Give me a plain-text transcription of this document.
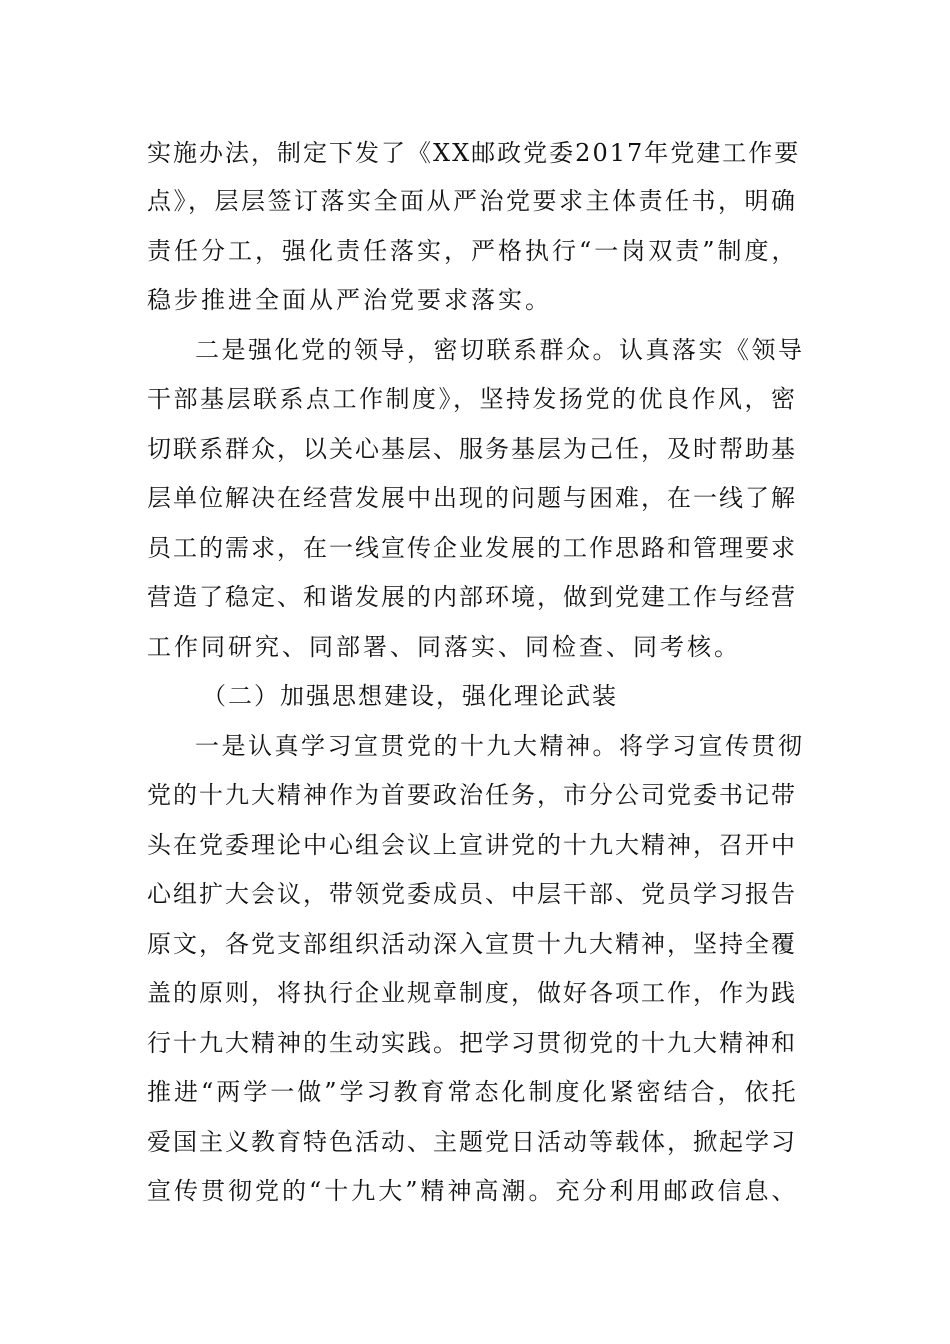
实施办法，制定下发了《XX邮政党委2017年党建工作要
点》，层层签订落实全面从严治党要求主体责任书，明确
责任分工，强化责任落实，严格执行“一岗双责”制度，
稳步推进全面从严治党要求落实。
二是强化党的领导，密切联系群众。认真落实《领导
干部基层联系点工作制度》，坚持发扬党的优良作风，密
切联系群众，以关心基层、服务基层为己任，及时帮助基
层单位解决在经营发展中出现的问题与困难，在一线了解
员工的需求，在一线宣传企业发展的工作思路和管理要求
营造了稳定、和谐发展的内部环境，做到党建工作与经营
工作同研究、同部署、同落实、同检查、同考核。
（二）加强思想建设，强化理论武装
一是认真学习宣贯党的十九大精神。将学习宣传贯彻
党的十九大精神作为首要政治任务，市分公司党委书记带
头在党委理论中心组会议上宣讲党的十九大精神，召开中
心组扩大会议，带领党委成员、中层干部、党员学习报告
原文，各党支部组织活动深入宣贯十九大精神，坚持全覆
盖的原则，将执行企业规章制度，做好各项工作，作为践
行十九大精神的生动实践。把学习贯彻党的十九大精神和
推进“两学一做”学习教育常态化制度化紧密结合，依托
爱国主义教育特色活动、主题党日活动等载体，掀起学习
宣传贯彻党的“十九大”精神高潮。充分利用邮政信息、
